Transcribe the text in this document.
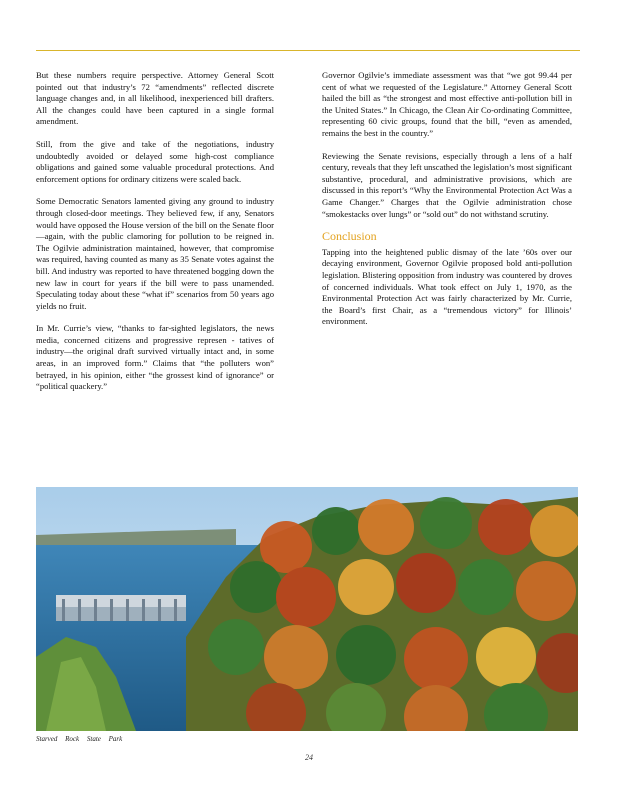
But these numbers require perspective. Attorney General Scott pointed out that industry’s 72 “amendments” reflected discrete language changes and, in all likelihood, inexperienced bill drafters. All the changes could have been captured in a single formal amendment.

Still, from the give and take of the negotiations, industry undoubtedly avoided or delayed some high-cost compliance obligations and gained some valuable procedural protections. And enforcement options for ordinary citizens were scaled back.

Some Democratic Senators lamented giving any ground to industry through closed-door meetings. They believed few, if any, Senators would have opposed the House version of the bill on the Senate floor—again, with the public clamoring for pollution to be reigned in. The Ogilvie administration maintained, however, that compromise was required, having counted as many as 35 Senate votes against the bill. And industry was reported to have threatened bogging down the new law in court for years if the bill were to pass unamended. Speculating today about these “what if” scenarios from 50 years ago yields no fruit.

In Mr. Currie’s view, “thanks to far-sighted legislators, the news media, concerned citizens and progressive represen - tatives of industry—the original draft survived virtually intact and, in some areas, in an improved form.” Claims that “the polluters won” betrayed, in his opinion, either “the grossest kind of ignorance” or “political quackery.”

Governor Ogilvie’s immediate assessment was that “we got 99.44 per cent of what we requested of the Legislature.” Attorney General Scott hailed the bill as “the strongest and most effective anti-pollution bill in the United States.” In Chicago, the Clean Air Co-ordinating Committee, representing 60 civic groups, found that the bill, “even as amended, remains the best in the country.”

Reviewing the Senate revisions, especially through a lens of a half century, reveals that they left unscathed the legislation’s most significant substantive, procedural, and administrative provisions, which are discussed in this report’s “Why the Environmental Protection Act Was a Game Changer.” Charges that the Ogilvie administration chose “smokestacks over lungs” or “sold out” do not withstand scrutiny.

Conclusion

Tapping into the heightened public dismay of the late ’60s over our decaying environment, Governor Ogilvie proposed bold anti-pollution legislation. Blistering opposition from industry was countered by droves of concerned individuals. What took effect on July 1, 1970, as the Environmental Protection Act was fairly characterized by Mr. Currie, the Board’s first Chair, as a “tremendous victory” for Illinois’ environment.

Starved Rock State Park
24
